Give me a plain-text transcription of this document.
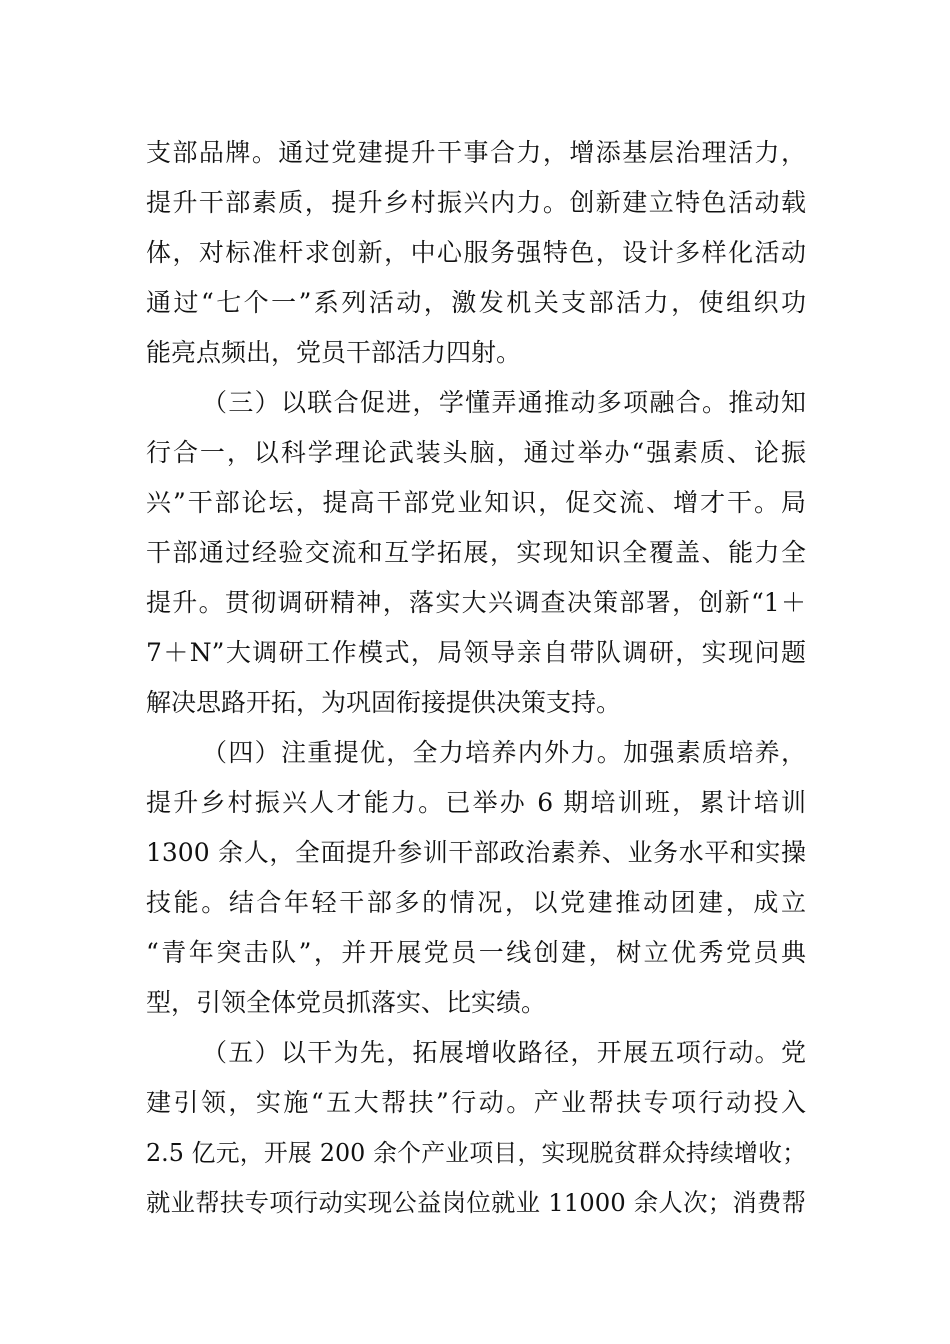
支部品牌。通过党建提升干事合力，增添基层治理活力，
提升干部素质，提升乡村振兴内力。创新建立特色活动载
体，对标准杆求创新，中心服务强特色，设计多样化活动
通过“七个一”系列活动，激发机关支部活力，使组织功
能亮点频出，党员干部活力四射。
（三）以联合促进，学懂弄通推动多项融合。推动知
行合一，以科学理论武装头脑，通过举办“强素质、论振
兴”干部论坛，提高干部党业知识，促交流、增才干。局
干部通过经验交流和互学拓展，实现知识全覆盖、能力全
提升。贯彻调研精神，落实大兴调查决策部署，创新“1＋
7＋N”大调研工作模式，局领导亲自带队调研，实现问题
解决思路开拓，为巩固衔接提供决策支持。
（四）注重提优，全力培养内外力。加强素质培养，
提升乡村振兴人才能力。已举办 6 期培训班，累计培训
1300 余人，全面提升参训干部政治素养、业务水平和实操
技能。结合年轻干部多的情况，以党建推动团建，成立
“青年突击队”，并开展党员一线创建，树立优秀党员典
型，引领全体党员抓落实、比实绩。
（五）以干为先，拓展增收路径，开展五项行动。党
建引领，实施“五大帮扶”行动。产业帮扶专项行动投入
2.5 亿元，开展 200 余个产业项目，实现脱贫群众持续增收；
就业帮扶专项行动实现公益岗位就业 11000 余人次；消费帮
